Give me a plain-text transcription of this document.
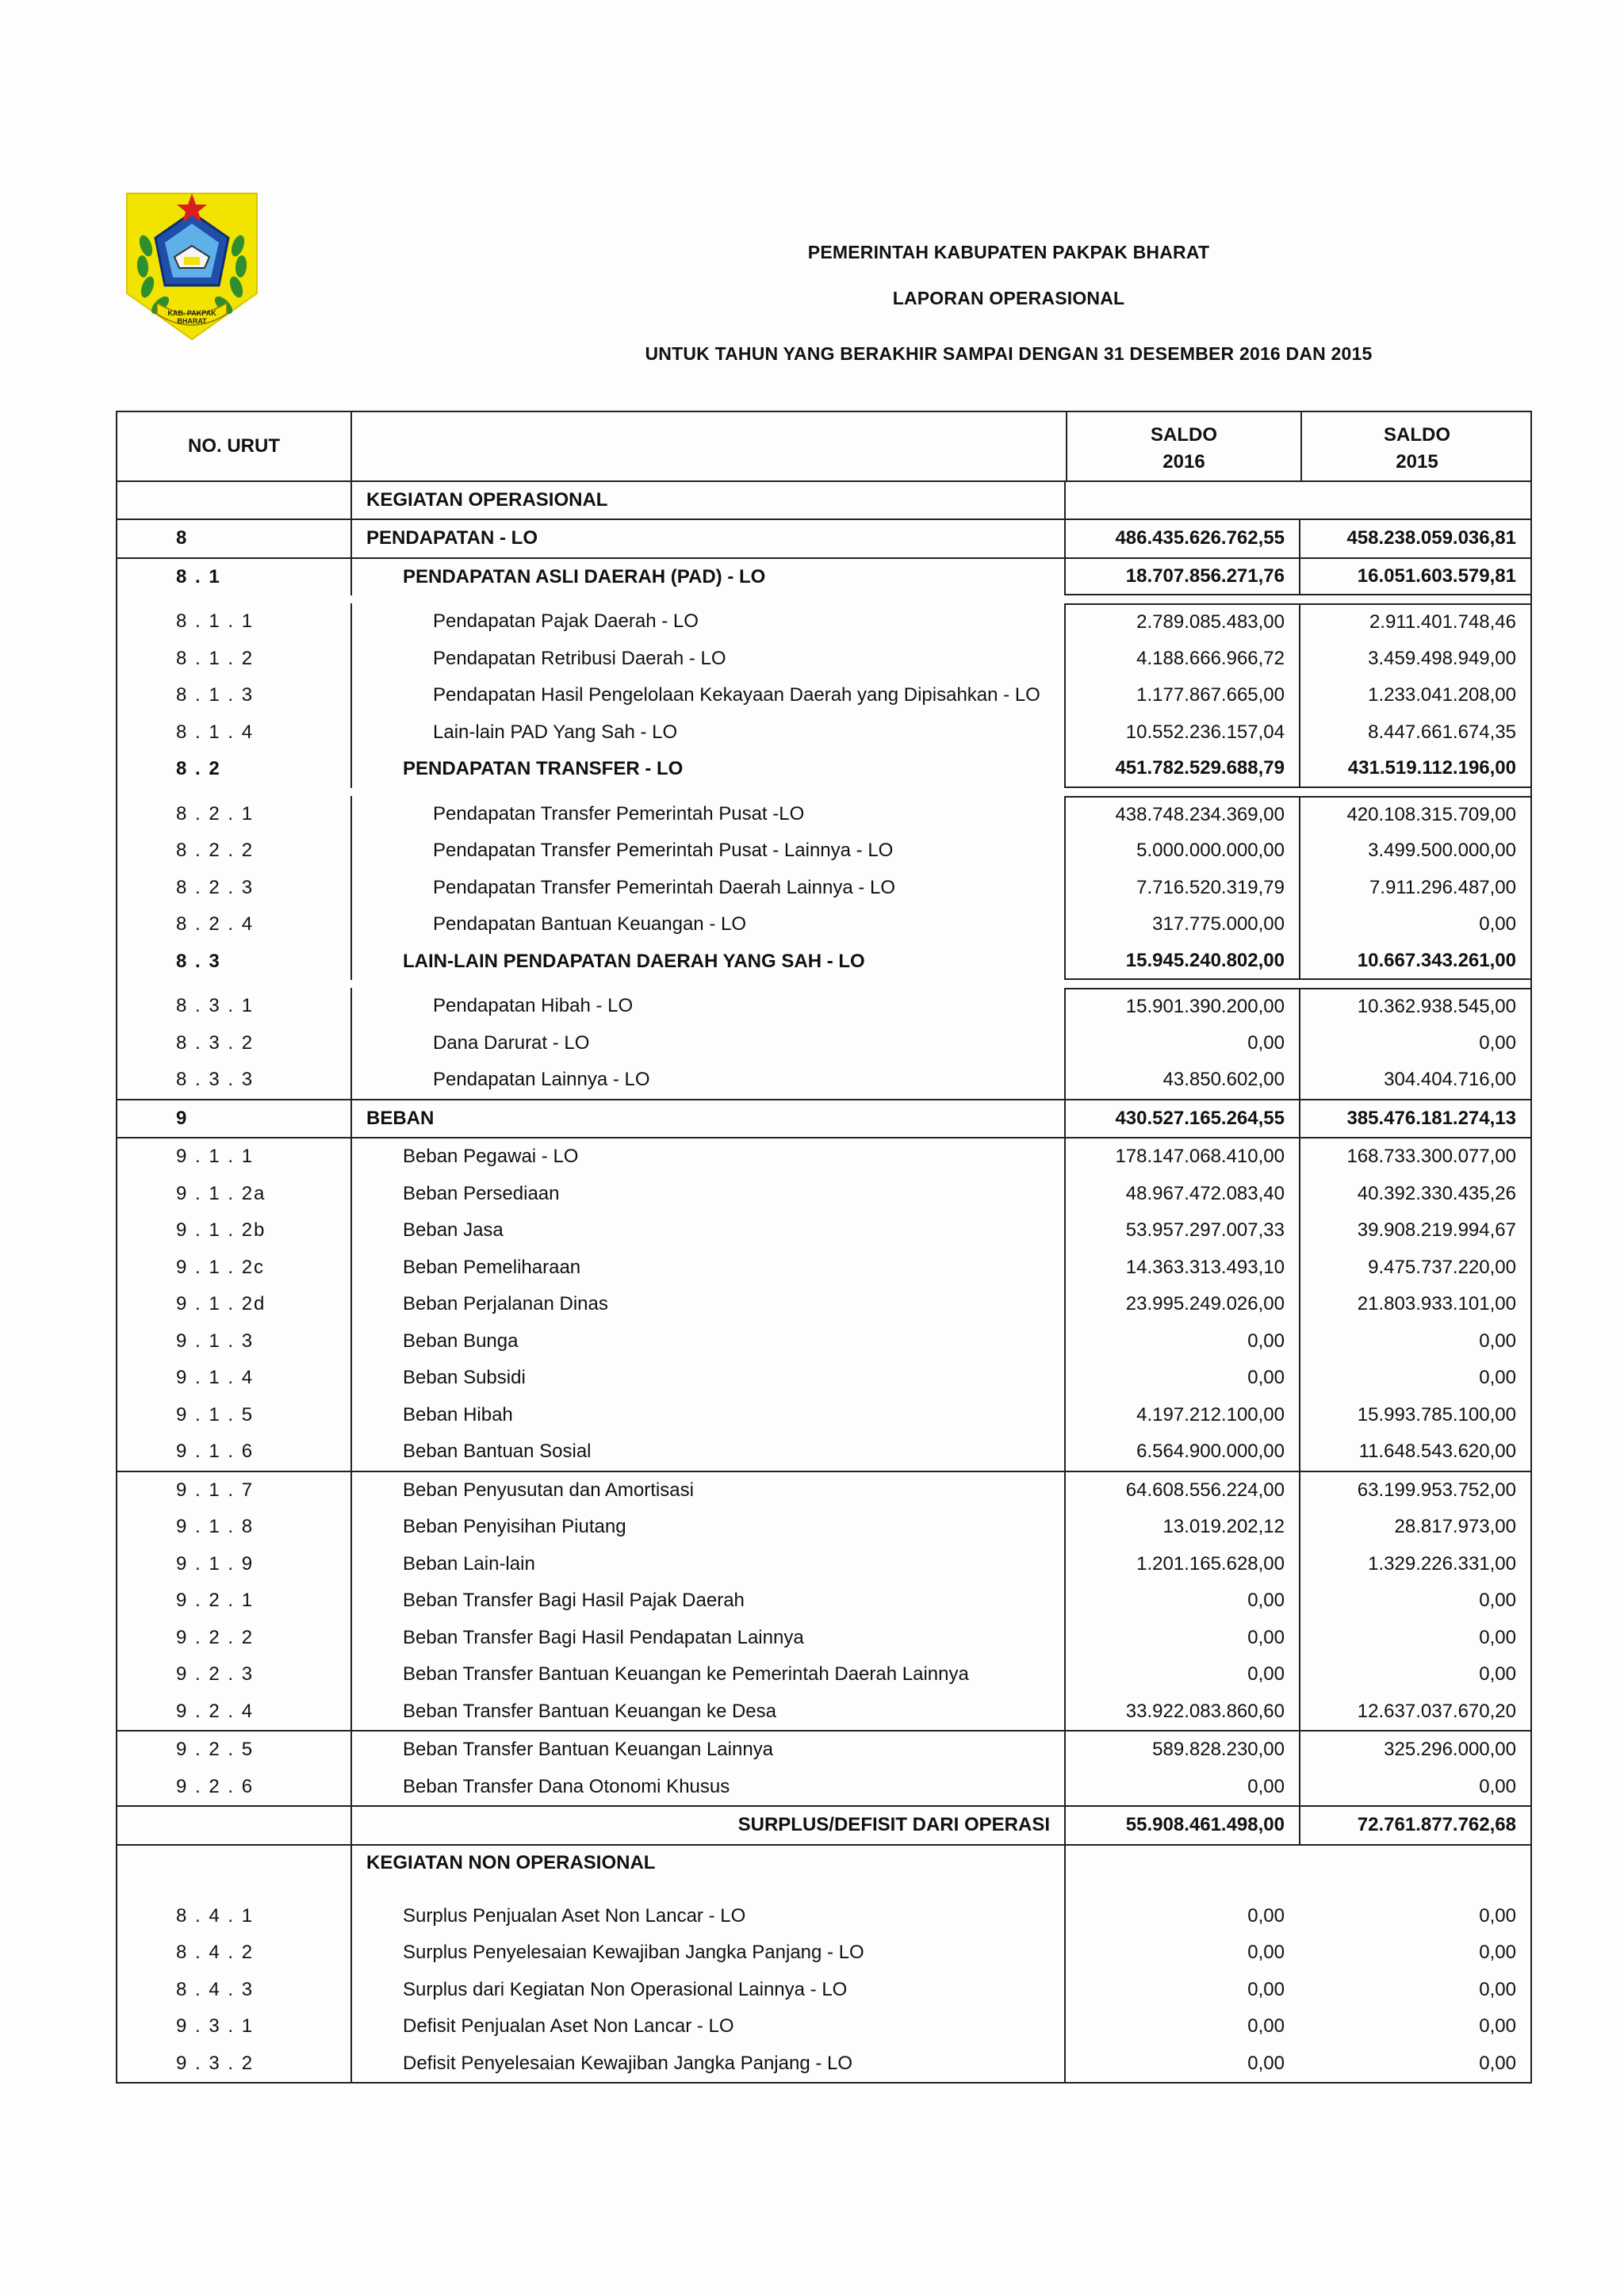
KAB. PAKPAK BHARAT
PEMERINTAH KABUPATEN PAKPAK BHARAT
LAPORAN OPERASIONAL
UNTUK TAHUN YANG BERAKHIR SAMPAI DENGAN 31 DESEMBER 2016 DAN 2015
NO. URUT
SALDO
2016
SALDO
2015
KEGIATAN OPERASIONAL
8	PENDAPATAN - LO	486.435.626.762,55	458.238.059.036,81
8 . 1	PENDAPATAN ASLI DAERAH (PAD) - LO	18.707.856.271,76	16.051.603.579,81
8 . 1 . 1	Pendapatan Pajak Daerah - LO	2.789.085.483,00	2.911.401.748,46
8 . 1 . 2	Pendapatan Retribusi Daerah - LO	4.188.666.966,72	3.459.498.949,00
8 . 1 . 3	Pendapatan Hasil Pengelolaan Kekayaan Daerah yang Dipisahkan - LO	1.177.867.665,00	1.233.041.208,00
8 . 1 . 4	Lain-lain PAD Yang Sah - LO	10.552.236.157,04	8.447.661.674,35
8 . 2	PENDAPATAN TRANSFER - LO	451.782.529.688,79	431.519.112.196,00
8 . 2 . 1	Pendapatan Transfer Pemerintah Pusat -LO	438.748.234.369,00	420.108.315.709,00
8 . 2 . 2	Pendapatan Transfer Pemerintah Pusat - Lainnya - LO	5.000.000.000,00	3.499.500.000,00
8 . 2 . 3	Pendapatan Transfer Pemerintah Daerah Lainnya - LO	7.716.520.319,79	7.911.296.487,00
8 . 2 . 4	Pendapatan Bantuan Keuangan - LO	317.775.000,00	0,00
8 . 3	LAIN-LAIN PENDAPATAN DAERAH YANG SAH - LO	15.945.240.802,00	10.667.343.261,00
8 . 3 . 1	Pendapatan Hibah - LO	15.901.390.200,00	10.362.938.545,00
8 . 3 . 2	Dana Darurat - LO	0,00	0,00
8 . 3 . 3	Pendapatan Lainnya - LO	43.850.602,00	304.404.716,00
9	BEBAN	430.527.165.264,55	385.476.181.274,13
9 . 1 . 1	Beban Pegawai - LO	178.147.068.410,00	168.733.300.077,00
9 . 1 . 2a	Beban Persediaan	48.967.472.083,40	40.392.330.435,26
9 . 1 . 2b	Beban Jasa	53.957.297.007,33	39.908.219.994,67
9 . 1 . 2c	Beban Pemeliharaan	14.363.313.493,10	9.475.737.220,00
9 . 1 . 2d	Beban Perjalanan Dinas	23.995.249.026,00	21.803.933.101,00
9 . 1 . 3	Beban Bunga	0,00	0,00
9 . 1 . 4	Beban Subsidi	0,00	0,00
9 . 1 . 5	Beban Hibah	4.197.212.100,00	15.993.785.100,00
9 . 1 . 6	Beban Bantuan Sosial	6.564.900.000,00	11.648.543.620,00
9 . 1 . 7	Beban Penyusutan dan Amortisasi	64.608.556.224,00	63.199.953.752,00
9 . 1 . 8	Beban Penyisihan Piutang	13.019.202,12	28.817.973,00
9 . 1 . 9	Beban Lain-lain	1.201.165.628,00	1.329.226.331,00
9 . 2 . 1	Beban Transfer Bagi Hasil Pajak Daerah	0,00	0,00
9 . 2 . 2	Beban Transfer Bagi Hasil Pendapatan Lainnya	0,00	0,00
9 . 2 . 3	Beban Transfer Bantuan Keuangan ke Pemerintah Daerah Lainnya	0,00	0,00
9 . 2 . 4	Beban Transfer Bantuan Keuangan ke Desa	33.922.083.860,60	12.637.037.670,20
9 . 2 . 5	Beban Transfer Bantuan Keuangan Lainnya	589.828.230,00	325.296.000,00
9 . 2 . 6	Beban Transfer Dana Otonomi Khusus	0,00	0,00
SURPLUS/DEFISIT DARI OPERASI	55.908.461.498,00	72.761.877.762,68
KEGIATAN NON OPERASIONAL
8 . 4 . 1	Surplus Penjualan Aset Non Lancar - LO	0,00	0,00
8 . 4 . 2	Surplus Penyelesaian Kewajiban Jangka Panjang - LO	0,00	0,00
8 . 4 . 3	Surplus dari Kegiatan Non Operasional Lainnya - LO	0,00	0,00
9 . 3 . 1	Defisit Penjualan Aset Non Lancar - LO	0,00	0,00
9 . 3 . 2	Defisit Penyelesaian Kewajiban Jangka Panjang - LO	0,00	0,00
